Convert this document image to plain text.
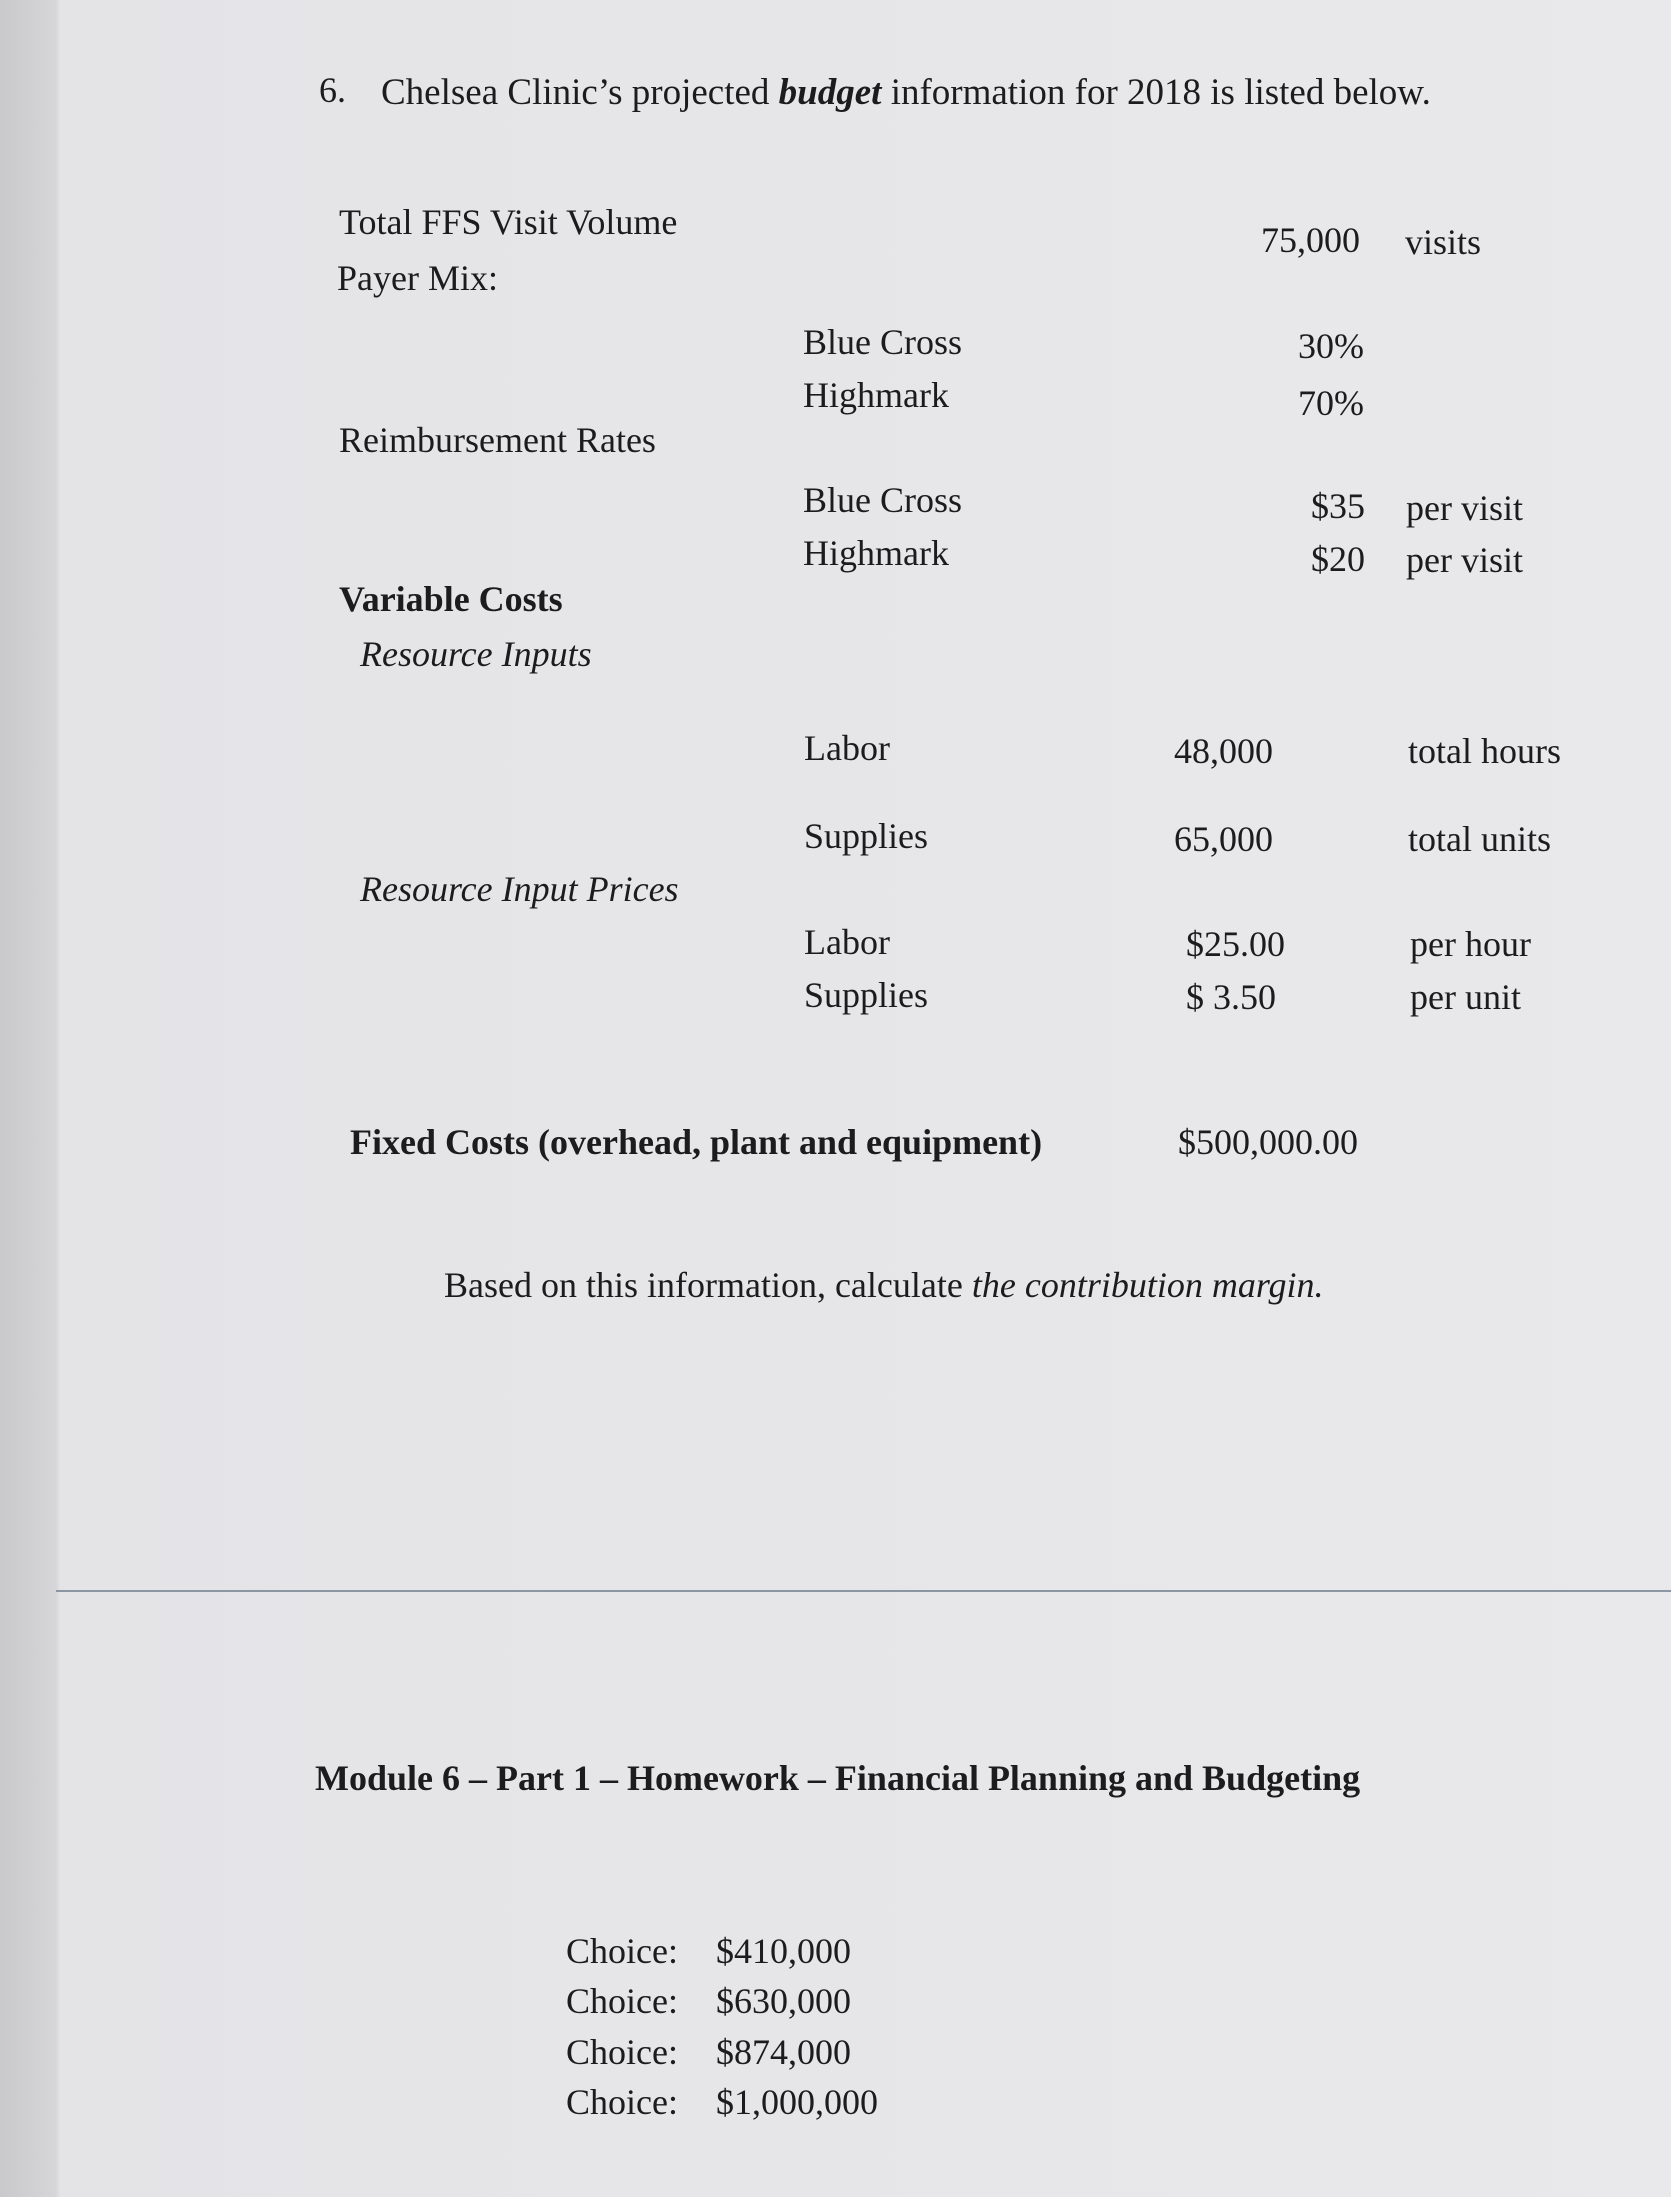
6. Chelsea Clinic’s projected budget information for 2018 is listed below.
Total FFS Visit Volume	75,000 visits
Payer Mix:
Blue Cross	30%
Highmark	70%
Reimbursement Rates
Blue Cross	$35 per visit
Highmark	$20 per visit
Variable Costs
Resource Inputs
Labor	48,000	total hours
Supplies	65,000	total units
Resource Input Prices
Labor	$25.00	per hour
Supplies	$ 3.50	per unit
Fixed Costs (overhead, plant and equipment)	$500,000.00
Based on this information, calculate the contribution margin.
Module 6 – Part 1 – Homework – Financial Planning and Budgeting
Choice: $410,000
Choice: $630,000
Choice: $874,000
Choice: $1,000,000
